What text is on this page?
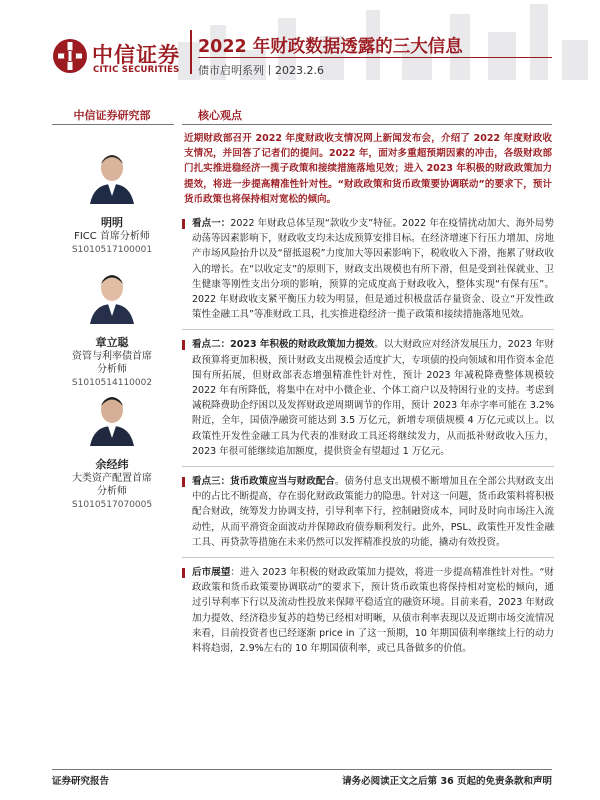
中信证券
CITIC SECURITIES
2022 年财政数据透露的三大信息
债市启明系列丨2023.2.6
中信证券研究部	核心观点
明明
FICC 首席分析师
S1010517100001
章立聪
资管与利率债首席
分析师
S1010514110002
余经纬
大类资产配置首席
分析师
S1010517070005

近期财政部召开 2022 年度财政收支情况网上新闻发布会，介绍了 2022 年度财政收支情况，并回答了记者们的提问。2022 年，面对多重超预期因素的冲击，各级财政部门扎实推进稳经济一揽子政策和接续措施落地见效；进入 2023 年积极的财政政策加力提效，将进一步提高精准性针对性。“财政政策和货币政策要协调联动”的要求下，预计货币政策也将保持相对宽松的倾向。

看点一：2022 年财政总体呈现“款收少支”特征。2022 年在疫情扰动加大、海外局势动荡等因素影响下，财政收支均未达成预算安排目标。在经济增速下行压力增加、房地产市场风险抬升以及“留抵退税”力度加大等因素影响下，税收收入下滑，拖累了财政收入的增长。在“以收定支”的原则下，财政支出规模也有所下滑，但是受到社保就业、卫生健康等刚性支出分项的影响，预算的完成度高于财政收入，整体实现“有保有压”。2022 年财政收支紧平衡压力较为明显，但是通过积极盘活存量资金、设立“开发性政策性金融工具”等准财政工具，扎实推进稳经济一揽子政策和接续措施落地见效。
看点二：2023 年积极的财政政策加力提效。以大财政应对经济发展压力，2023 年财政预算将更加积极，预计财政支出规模会适度扩大，专项债的投向领域和用作资本金范围有所拓展，但财政部表态增强精准性针对性，预计 2023 年减税降费整体规模较 2022 年有所降低，将集中在对中小微企业、个体工商户以及特困行业的支持。考虑到减税降费助企纾困以及发挥财政逆周期调节的作用，预计 2023 年赤字率可能在 3.2%附近，全年，国债净融资可能达到 3.5 万亿元，新增专项债规模 4 万亿元或以上。以政策性开发性金融工具为代表的准财政工具还将继续发力，从而抵补财政收入压力，2023 年很可能继续追加额度，提供资金有望超过 1 万亿元。
看点三：货币政策应当与财政配合。债务付息支出规模不断增加且在全部公共财政支出中的占比不断提高，存在弱化财政政策能力的隐患。针对这一问题，货币政策料将积极配合财政，统筹发力协调支持，引导利率下行，控制融资成本，同时及时向市场注入流动性，从而平滑资金面波动并保障政府债券顺利发行。此外，PSL、政策性开发性金融工具、再贷款等措施在未来仍然可以发挥精准投放的功能，撬动有效投资。
后市展望：进入 2023 年积极的财政政策加力提效，将进一步提高精准性针对性。“财政政策和货币政策要协调联动”的要求下，预计货币政策也将保持相对宽松的倾向，通过引导利率下行以及流动性投放来保障平稳适宜的融资环境。目前来看，2023 年财政加力提效、经济稳步复苏的趋势已经相对明晰，从债市利率表现以及近期市场交流情况来看，目前投资者也已经逐渐 price in 了这一预期，10 年期国债利率继续上行的动力料将趋弱，2.9%左右的 10 年期国债利率，或已具备做多的价值。
证券研究报告	请务必阅读正文之后第 36 页起的免责条款和声明
